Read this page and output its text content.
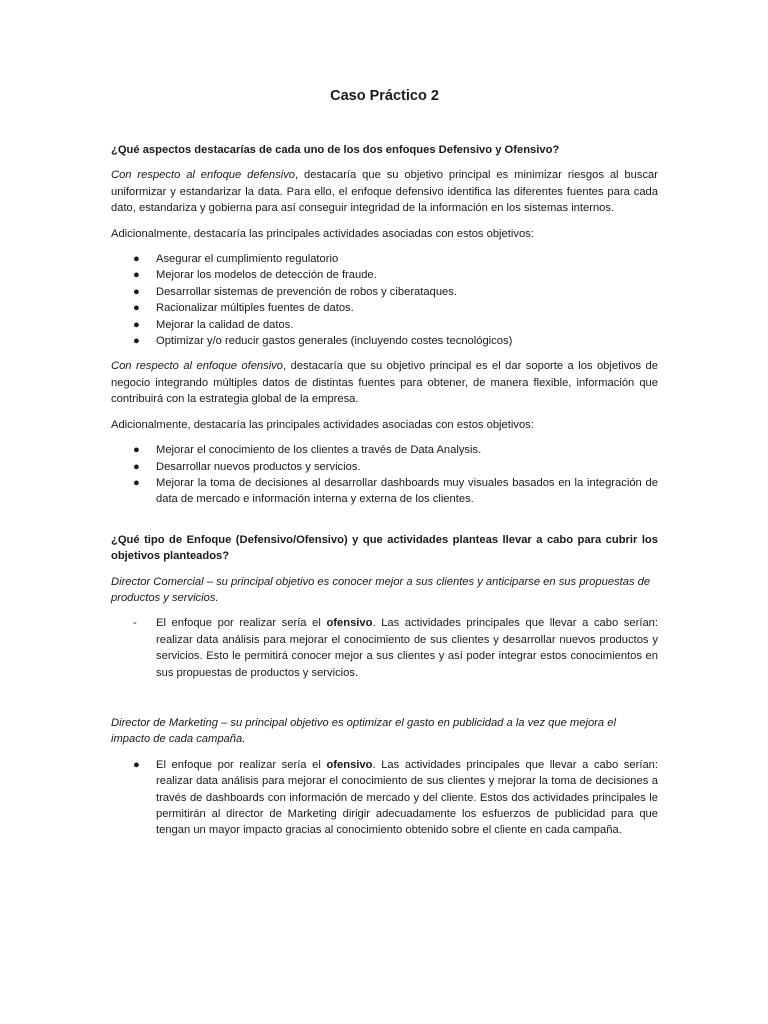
Caso Práctico 2

¿Qué aspectos destacarías de cada uno de los dos enfoques Defensivo y Ofensivo?

Con respecto al enfoque defensivo, destacaría que su objetivo principal es minimizar riesgos al buscar uniformizar y estandarizar la data. Para ello, el enfoque defensivo identifica las diferentes fuentes para cada dato, estandariza y gobierna para así conseguir integridad de la información en los sistemas internos.

Adicionalmente, destacaría las principales actividades asociadas con estos objetivos:

● Asegurar el cumplimiento regulatorio
● Mejorar los modelos de detección de fraude.
● Desarrollar sistemas de prevención de robos y ciberataques.
● Racionalizar múltiples fuentes de datos.
● Mejorar la calidad de datos.
● Optimizar y/o reducir gastos generales (incluyendo costes tecnológicos)

Con respecto al enfoque ofensivo, destacaría que su objetivo principal es el dar soporte a los objetivos de negocio integrando múltiples datos de distintas fuentes para obtener, de manera flexible, información que contribuirá con la estrategia global de la empresa.

Adicionalmente, destacaría las principales actividades asociadas con estos objetivos:

● Mejorar el conocimiento de los clientes a través de Data Analysis.
● Desarrollar nuevos productos y servicios.
● Mejorar la toma de decisiones al desarrollar dashboards muy visuales basados en la integración de data de mercado e información interna y externa de los clientes.

¿Qué tipo de Enfoque (Defensivo/Ofensivo) y que actividades planteas llevar a cabo para cubrir los objetivos planteados?

Director Comercial – su principal objetivo es conocer mejor a sus clientes y anticiparse en sus propuestas de productos y servicios.

- El enfoque por realizar sería el ofensivo. Las actividades principales que llevar a cabo serían: realizar data análisis para mejorar el conocimiento de sus clientes y desarrollar nuevos productos y servicios. Esto le permitirá conocer mejor a sus clientes y así poder integrar estos conocimientos en sus propuestas de productos y servicios.

Director de Marketing – su principal objetivo es optimizar el gasto en publicidad a la vez que mejora el impacto de cada campaña.

● El enfoque por realizar sería el ofensivo. Las actividades principales que llevar a cabo serían: realizar data análisis para mejorar el conocimiento de sus clientes y mejorar la toma de decisiones a través de dashboards con información de mercado y del cliente. Estos dos actividades principales le permitirán al director de Marketing dirigir adecuadamente los esfuerzos de publicidad para que tengan un mayor impacto gracias al conocimiento obtenido sobre el cliente en cada campaña.
